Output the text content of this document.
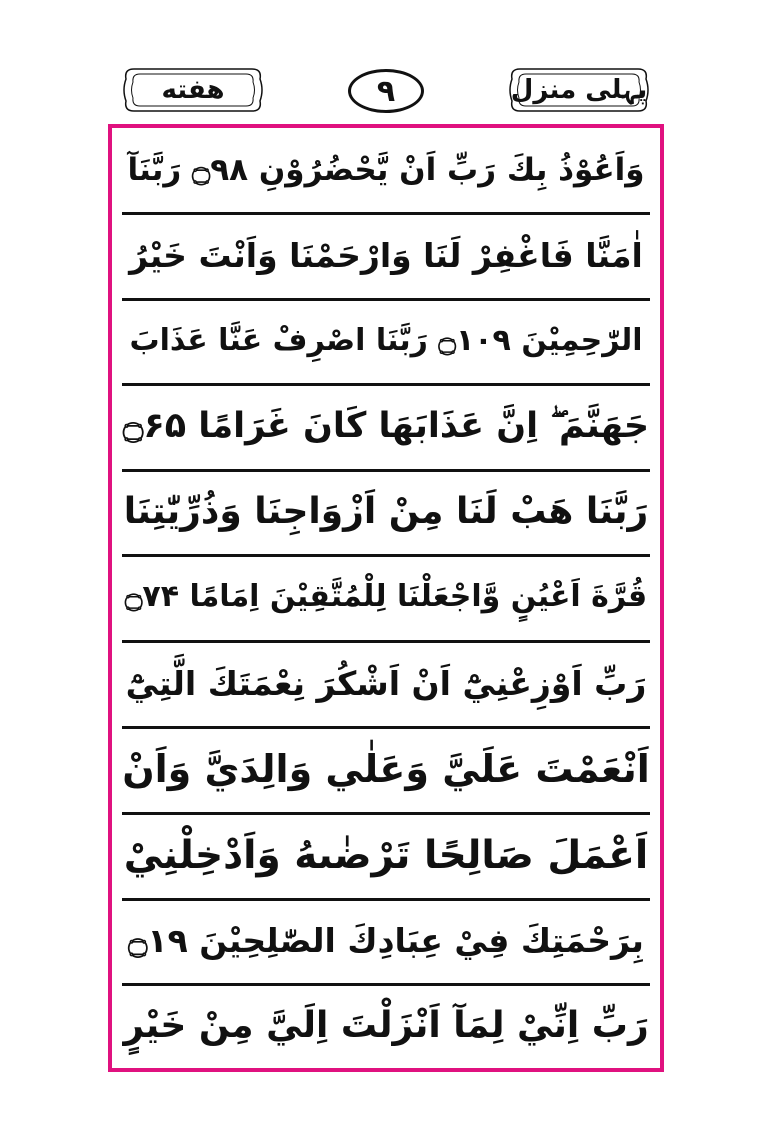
هفته	٩	پہلی منزل
وَاَعُوْذُ بِكَ رَبِّ اَنْ يَّحْضُرُوْنِ ۝۹۸ رَبَّنَآ
اٰمَنَّا فَاغْفِرْ لَنَا وَارْحَمْنَا وَاَنْتَ خَيْرُ
الرّٰحِمِيْنَ ۝۱۰۹ رَبَّنَا اصْرِفْ عَنَّا عَذَابَ
جَهَنَّمَ ۖ اِنَّ عَذَابَهَا كَانَ غَرَامًا ۝۶۵
رَبَّنَا هَبْ لَنَا مِنْ اَزْوَاجِنَا وَذُرِّيّٰتِنَا
قُرَّةَ اَعْيُنٍ وَّاجْعَلْنَا لِلْمُتَّقِيْنَ اِمَامًا ۝۷۴
رَبِّ اَوْزِعْنِيْٓ اَنْ اَشْكُرَ نِعْمَتَكَ الَّتِيْٓ
اَنْعَمْتَ عَلَيَّ وَعَلٰي وَالِدَيَّ وَاَنْ
اَعْمَلَ صَالِحًا تَرْضٰىهُ وَاَدْخِلْنِيْ
بِرَحْمَتِكَ فِيْ عِبَادِكَ الصّٰلِحِيْنَ ۝۱۹
رَبِّ اِنِّيْ لِمَآ اَنْزَلْتَ اِلَيَّ مِنْ خَيْرٍ
